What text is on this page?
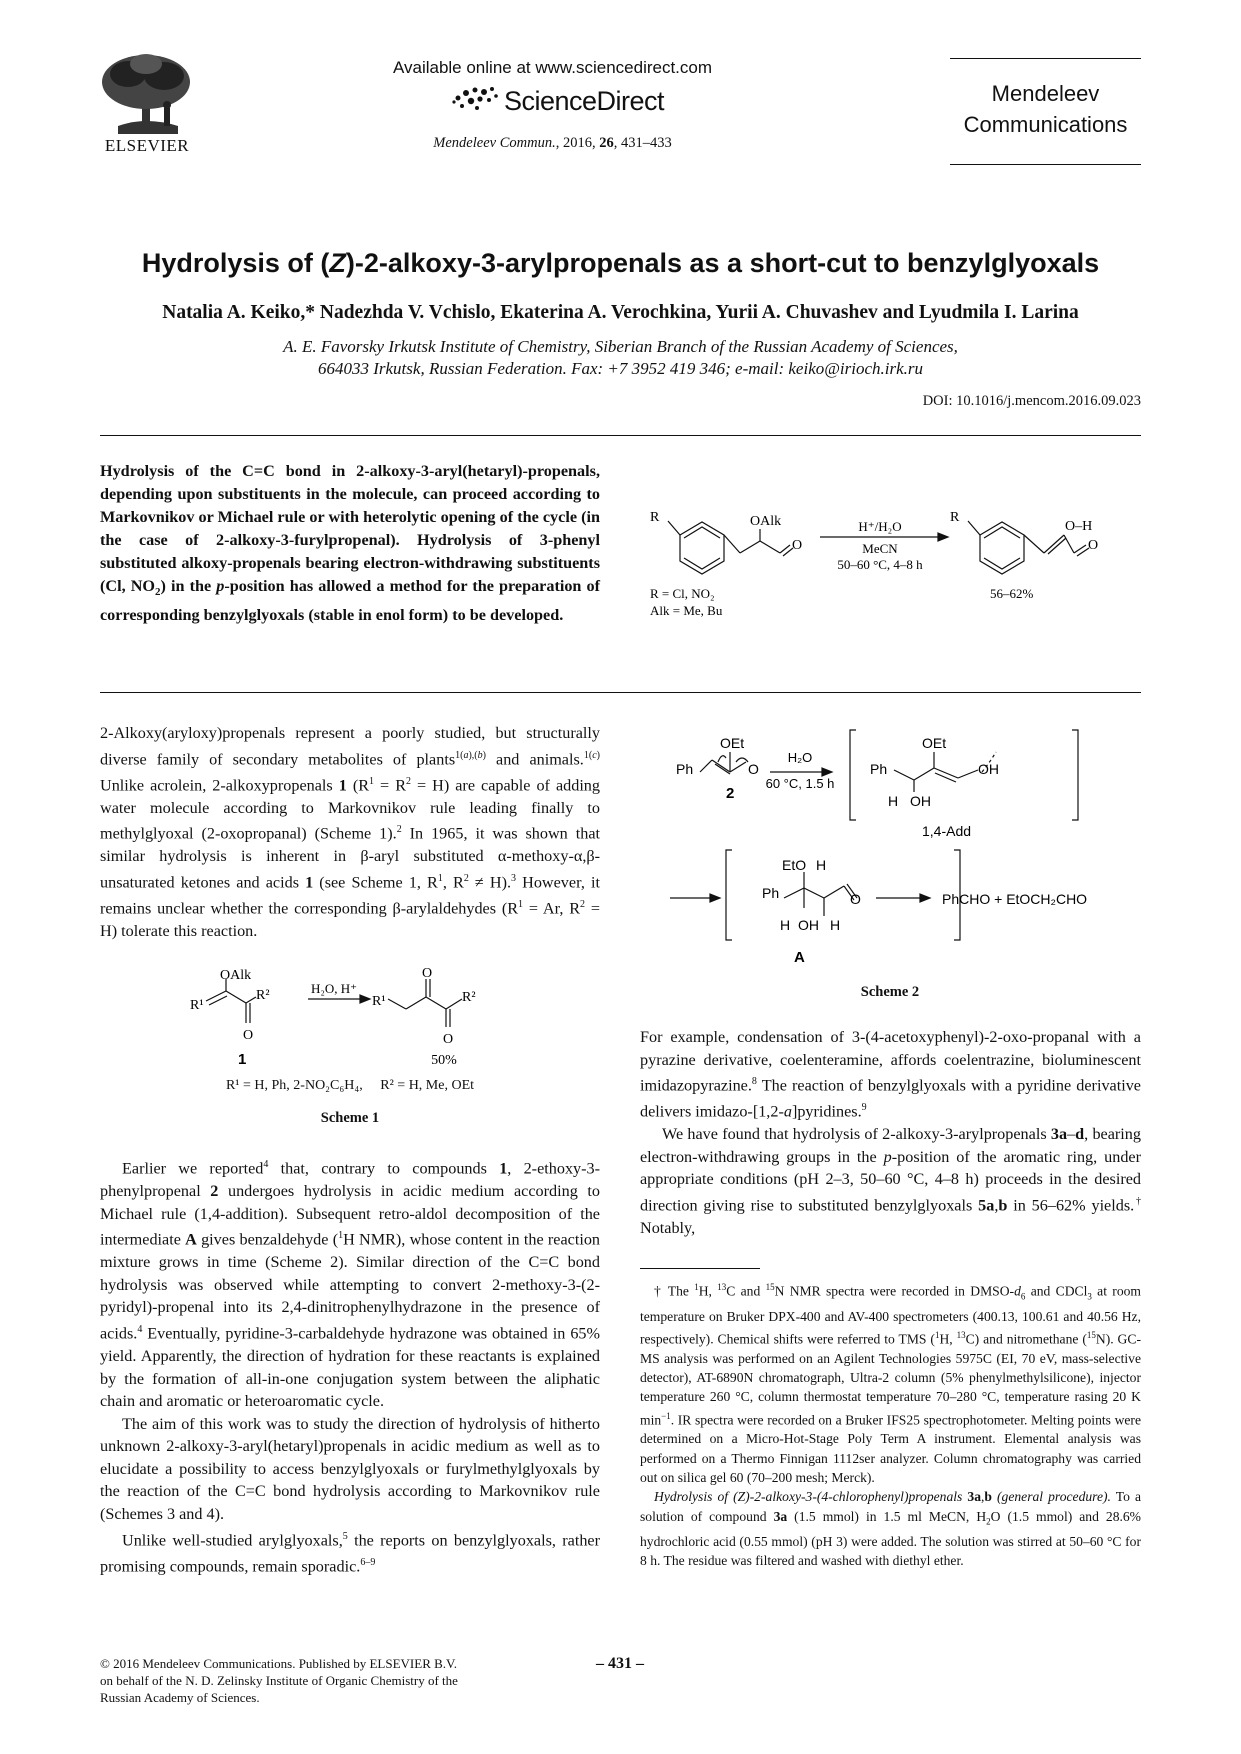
ELSEVIER
Available online at www.sciencedirect.com
ScienceDirect
Mendeleev Commun., 2016, 26, 431–433
Mendeleev
Communications
Hydrolysis of (Z)-2-alkoxy-3-arylpropenals as a short-cut to benzylglyoxals
Natalia A. Keiko,* Nadezhda V. Vchislo, Ekaterina A. Verochkina, Yurii A. Chuvashev and Lyudmila I. Larina
A. E. Favorsky Irkutsk Institute of Chemistry, Siberian Branch of the Russian Academy of Sciences,
664033 Irkutsk, Russian Federation. Fax: +7 3952 419 346; e-mail: keiko@irioch.irk.ru
DOI: 10.1016/j.mencom.2016.09.023
Hydrolysis of the C=C bond in 2-alkoxy-3-aryl(hetaryl)-propenals, depending upon substituents in the molecule, can proceed according to Markovnikov or Michael rule or with heterolytic opening of the cycle (in the case of 2-alkoxy-3-furylpropenal). Hydrolysis of 3-phenyl substituted alkoxy-propenals bearing electron-withdrawing substituents (Cl, $NO_2$) in the p-position has allowed a method for the preparation of corresponding benzylglyoxals (stable in enol form) to be developed.
R	OAlk
O
H⁺/H₂O
MeCN
50–60 °C, 4–8 h
R
O–H
O
R = Cl, NO₂
Alk = Me, Bu
56–62%

2-Alkoxy(aryloxy)propenals represent a poorly studied, but structurally diverse family of secondary metabolites of plants$^{1(a),(b)}$ and animals.$^{1(c)}$ Unlike acrolein, 2-alkoxypropenals 1 $(R^1 = R^2 = H)$ are capable of adding water molecule according to Markovnikov rule leading finally to methylglyoxal (2-oxopropanal) (Scheme 1).$^2$ In 1965, it was shown that similar hydrolysis is inherent in β-aryl substituted α-methoxy-α,β-unsaturated ketones and acids 1 (see Scheme 1, $R^1$, $R^2 \ne H).^3$ However, it remains unclear whether the corresponding β-arylaldehydes ($R^1 = Ar$, $R^2 = H$) tolerate this reaction.

OAlk
R¹
R²
O
H₂O, H⁺
R¹
O
R²
O
1	50%
R¹ = H, Ph, 2-NO₂C₆H₄,     R² = H, Me, OEt
Scheme 1

Earlier we reported$^4$ that, contrary to compounds 1, 2-ethoxy-3-phenylpropenal 2 undergoes hydrolysis in acidic medium according to Michael rule (1,4-addition). Subsequent retro-aldol decomposition of the intermediate A gives benzaldehyde ($^1$H NMR), whose content in the reaction mixture grows in time (Scheme 2). Similar direction of the C=C bond hydrolysis was observed while attempting to convert 2-methoxy-3-(2-pyridyl)-propenal into its 2,4-dinitrophenylhydrazone in the presence of acids.$^4$ Eventually, pyridine-3-carbaldehyde hydrazone was obtained in 65% yield. Apparently, the direction of hydration for these reactants is explained by the formation of all-in-one conjugation system between the aliphatic chain and aromatic or heteroaromatic cycle.

The aim of this work was to study the direction of hydrolysis of hitherto unknown 2-alkoxy-3-aryl(hetaryl)propenals in acidic medium as well as to elucidate a possibility to access benzylglyoxals or furylmethylglyoxals by the reaction of the C=C bond hydrolysis according to Markovnikov rule (Schemes 3 and 4).

Unlike well-studied arylglyoxals,$^5$ the reports on benzylglyoxals, rather promising compounds, remain sporadic.$^{6-9}$

OEt
Ph	O
2
H₂O
60 °C, 1.5 h
OEt
Ph	OH
H OH
1,4-Add
EtO H
Ph	O
H OH H
A
PhCHO + EtOCH₂CHO
Scheme 2

For example, condensation of 3-(4-acetoxyphenyl)-2-oxo-propanal with a pyrazine derivative, coelenteramine, affords coelentrazine, bioluminescent imidazopyrazine.$^8$ The reaction of benzylglyoxals with a pyridine derivative delivers imidazo-[1,2-a]pyridines.$^9$

We have found that hydrolysis of 2-alkoxy-3-arylpropenals 3a–d, bearing electron-withdrawing groups in the p-position of the aromatic ring, under appropriate conditions (pH 2–3, 50–60 °C, 4–8 h) proceeds in the desired direction giving rise to substituted benzylglyoxals 5a,b in 56–62% yields.† Notably,

† The $^1$H, $^{13}$C and $^{15}$N NMR spectra were recorded in DMSO-$d_6$ and CDCl$_3$ at room temperature on Bruker DPX-400 and AV-400 spectrometers (400.13, 100.61 and 40.56 Hz, respectively). Chemical shifts were referred to TMS ($^1$H, $^{13}$C) and nitromethane ($^{15}$N). GC-MS analysis was performed on an Agilent Technologies 5975C (EI, 70 eV, mass-selective detector), AT-6890N chromatograph, Ultra-2 column (5% phenylmethylsilicone), injector temperature 260 °C, column thermostat temperature 70–280 °C, temperature rasing 20 K $\min^{-1}$. IR spectra were recorded on a Bruker IFS25 spectrophotometer. Melting points were determined on a Micro-Hot-Stage Poly Term A instrument. Elemental analysis was performed on a Thermo Finnigan 1112ser analyzer. Column chromatography was carried out on silica gel 60 (70–200 mesh; Merck).

Hydrolysis of (Z)-2-alkoxy-3-(4-chlorophenyl)propenals 3a,b (general procedure). To a solution of compound 3a (1.5 mmol) in 1.5 ml MeCN, $H_2O$ (1.5 mmol) and 28.6% hydrochloric acid (0.55 mmol) (pH 3) were added. The solution was stirred at 50–60 °C for 8 h. The residue was filtered and washed with diethyl ether.

© 2016 Mendeleev Communications. Published by ELSEVIER B.V.
on behalf of the N. D. Zelinsky Institute of Organic Chemistry of the
Russian Academy of Sciences.
– 431 –
